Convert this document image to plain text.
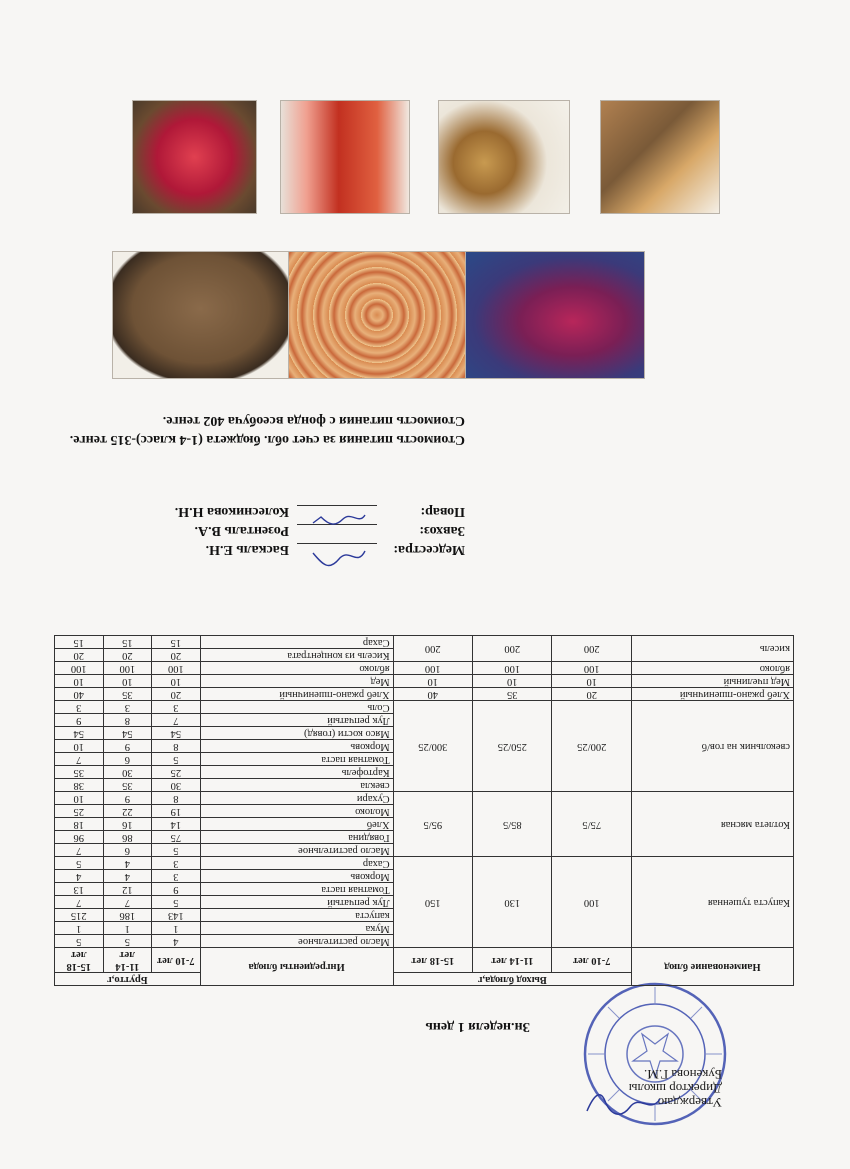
Утверждаю
Директор школы
Букенова Г.М.
Зн.неделя 1 день
Наименование блюд	Выход блюда,г			Ингредиенты блюда	Брутто,г		
	7-10 лет	11-14 лет	15-18 лет		7-10 лет	11-14 лет	15-18 лет
Капуста тушенная	100	130	150	Масло растительное	4	5	5
				Мука	1	1	1
				капуста	143	186	215
				Лук репчатый	5	7	7
				Томатная паста	9	12	13
				Морковь	3	4	4
				Сахар	3	4	5
Котлета мясная	75/5	85/5	95/5	Масло растительное	5	6	7
				Говядина	75	86	96
				Хлеб	14	16	18
				Молоко	19	22	25
				Сухари	8	9	10
свекольник на гов/б	200/25	250/25	300/25	свекла	30	35	38
				Картофель	25	30	35
				Томатная паста	5	6	7
				Морковь	8	9	10
				Мясо кости (говяд)	54	54	54
				Лук репчатый	7	8	9
				Соль	3	3	3
Хлеб ржано-пшеничный	20	35	40	Хлеб ржано-пшеничный	20	35	40
Мед пчелиный	10	10	10	Мед	10	10	10
яблоко	100	100	100	яблоко	100	100	100
кисель	200	200	200	Кисель из концентрата	20	20	20
				Сахар	15	15	15
Медсестра:
Баскаль Е.Н.
Завхоз:
Розенталь В.А.
Повар:
Колесникова Н.Н.
Стоимость питания за счет обл. бюджета (1-4 класс)-315 тенге.
Стоимость питания с фонда всеобуча 402 тенге.
